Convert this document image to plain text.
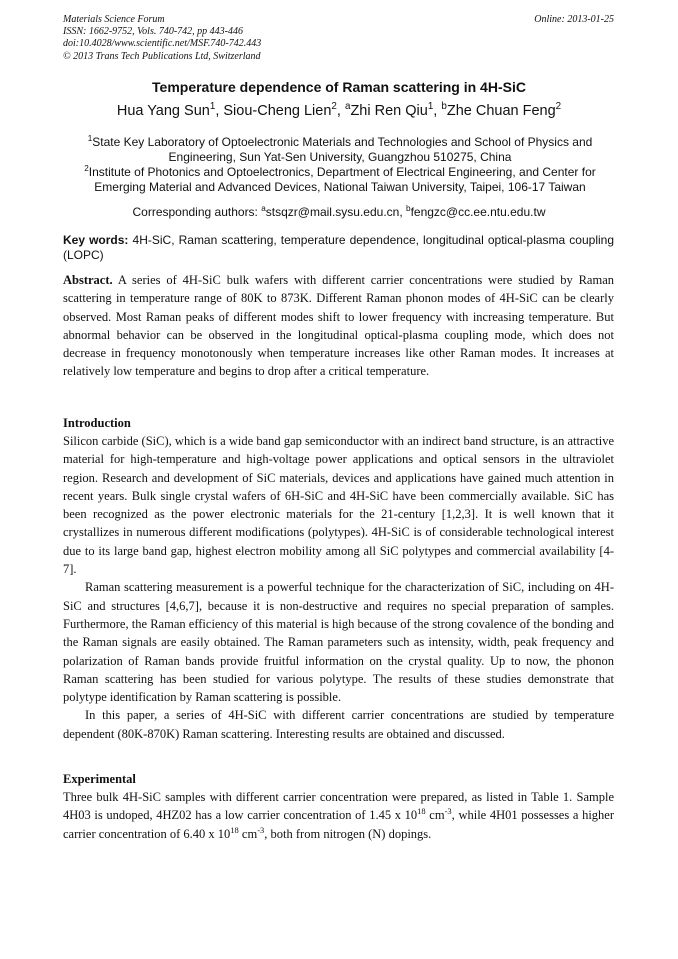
Materials Science Forum
ISSN: 1662-9752, Vols. 740-742, pp 443-446
doi:10.4028/www.scientific.net/MSF.740-742.443
© 2013 Trans Tech Publications Ltd, Switzerland
Online: 2013-01-25
Temperature dependence of Raman scattering in 4H-SiC
Hua Yang Sun$^1$, Siou-Cheng Lien$^2$, $^a$Zhi Ren Qiu$^1$, $^b$Zhe Chuan Feng$^2$
$^1$State Key Laboratory of Optoelectronic Materials and Technologies and School of Physics and Engineering, Sun Yat-Sen University, Guangzhou 510275, China
$^2$Institute of Photonics and Optoelectronics, Department of Electrical Engineering, and Center for Emerging Material and Advanced Devices, National Taiwan University, Taipei, 106-17 Taiwan
Corresponding authors: $^a$stsqzr@mail.sysu.edu.cn, $^b$fengzc@cc.ee.ntu.edu.tw
Key words: 4H-SiC, Raman scattering, temperature dependence, longitudinal optical-plasma coupling (LOPC)
Abstract. A series of 4H-SiC bulk wafers with different carrier concentrations were studied by Raman scattering in temperature range of 80K to 873K. Different Raman phonon modes of 4H-SiC can be clearly observed. Most Raman peaks of different modes shift to lower frequency with increasing temperature. But abnormal behavior can be observed in the longitudinal optical-plasma coupling mode, which does not decrease in frequency monotonously when temperature increases like other Raman modes. It increases at relatively low temperature and begins to drop after a critical temperature.
Introduction

Silicon carbide (SiC), which is a wide band gap semiconductor with an indirect band structure, is an attractive material for high-temperature and high-voltage power applications and optical sensors in the ultraviolet region. Research and development of SiC materials, devices and applications have gained much attention in recent years. Bulk single crystal wafers of 6H-SiC and 4H-SiC have been commercially available. SiC has been recognized as the power electronic materials for the 21-century [1,2,3]. It is well known that it crystallizes in numerous different modifications (polytypes). 4H-SiC is of considerable technological interest due to its large band gap, highest electron mobility among all SiC polytypes and commercial availability [4-7].

Raman scattering measurement is a powerful technique for the characterization of SiC, including on 4H-SiC and structures [4,6,7], because it is non-destructive and requires no special preparation of samples. Furthermore, the Raman efficiency of this material is high because of the strong covalence of the bonding and the Raman signals are easily obtained. The Raman parameters such as intensity, width, peak frequency and polarization of Raman bands provide fruitful information on the crystal quality. Up to now, the phonon Raman scattering has been studied for various polytype. The results of these studies demonstrate that polytype identification by Raman scattering is possible.

In this paper, a series of 4H-SiC with different carrier concentrations are studied by temperature dependent (80K-870K) Raman scattering. Interesting results are obtained and discussed.

Experimental
Three bulk 4H-SiC samples with different carrier concentration were prepared, as listed in Table 1. Sample 4H03 is undoped, 4HZ02 has a low carrier concentration of 1.45 x $10^{18}$ $cm^{-3}$, while 4H01 possesses a higher carrier concentration of 6.40 x $10^{18}$ $cm^{-3}$, both from nitrogen (N) dopings.
